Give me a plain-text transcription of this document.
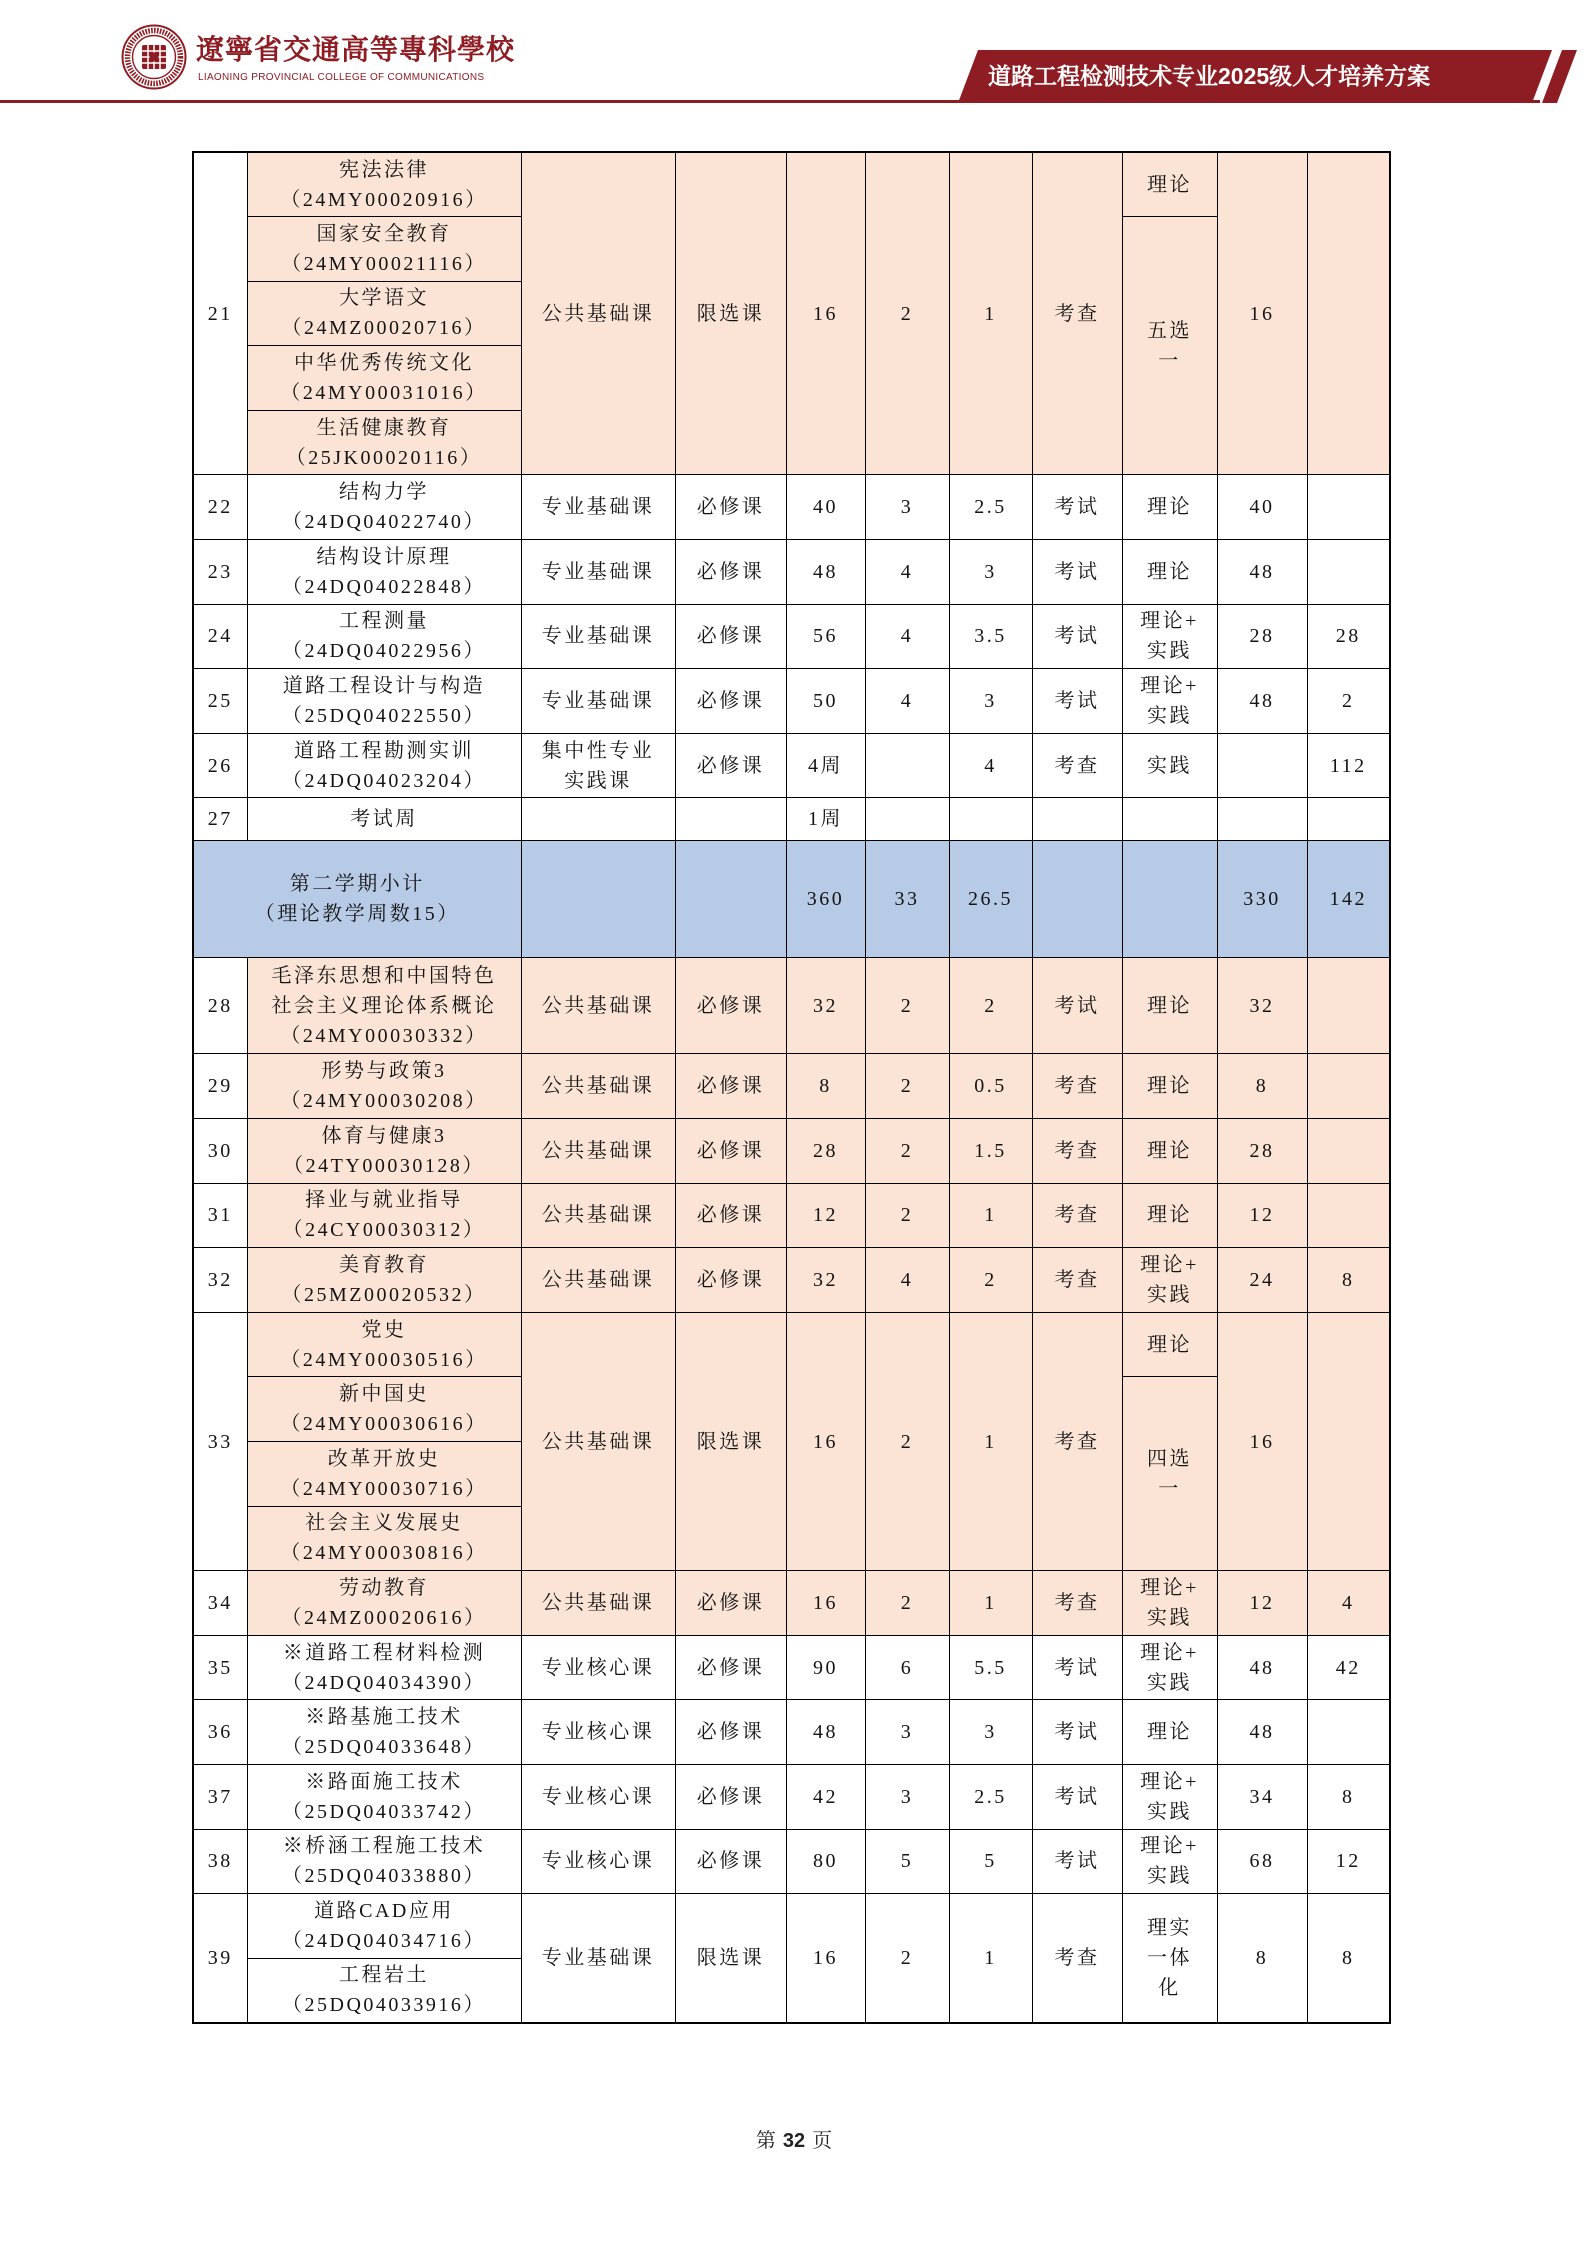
遼寧省交通高等專科學校
LIAONING PROVINCIAL COLLEGE OF COMMUNICATIONS	道路工程检测技术专业2025级人才培养方案
21	宪法法律
（24MY00020916）	公共基础课	限选课	16	2	1	考查	理论	16	

	国家安全教育
（24MY00021116）							五选
一		

	大学语文
（24MZ00020716）									

	中华优秀传统文化
（24MY00031016）									

	生活健康教育
（25JK00020116）									

22	结构力学
（24DQ04022740）	专业基础课	必修课	40	3	2.5	考试	理论	40	
23	结构设计原理
（24DQ04022848）	专业基础课	必修课	48	4	3	考试	理论	48	
24	工程测量
（24DQ04022956）	专业基础课	必修课	56	4	3.5	考试	理论+
实践	28	28
25	道路工程设计与构造
（25DQ04022550）	专业基础课	必修课	50	4	3	考试	理论+
实践	48	2
26	道路工程勘测实训
（24DQ04023204）	集中性专业
实践课	必修课	4周		4	考查	实践		112
27	考试周			1周						
第二学期小计
（理论教学周数15）				360	33	26.5			330	142
28	毛泽东思想和中国特色
社会主义理论体系概论
（24MY00030332）	公共基础课	必修课	32	2	2	考试	理论	32	
29	形势与政策3
（24MY00030208）	公共基础课	必修课	8	2	0.5	考查	理论	8	
30	体育与健康3
（24TY00030128）	公共基础课	必修课	28	2	1.5	考查	理论	28	
31	择业与就业指导
（24CY00030312）	公共基础课	必修课	12	2	1	考查	理论	12	
32	美育教育
（25MZ00020532）	公共基础课	必修课	32	4	2	考查	理论+
实践	24	8
33	党史
（24MY00030516）	公共基础课	限选课	16	2	1	考查	理论	16	

	新中国史
（24MY00030616）							四选
一		

	改革开放史
（24MY00030716）									

	社会主义发展史
（24MY00030816）									

34	劳动教育
（24MZ00020616）	公共基础课	必修课	16	2	1	考查	理论+
实践	12	4
35	※道路工程材料检测
（24DQ04034390）	专业核心课	必修课	90	6	5.5	考试	理论+
实践	48	42
36	※路基施工技术
（25DQ04033648）	专业核心课	必修课	48	3	3	考试	理论	48	
37	※路面施工技术
（25DQ04033742）	专业核心课	必修课	42	3	2.5	考试	理论+
实践	34	8
38	※桥涵工程施工技术
（25DQ04033880）	专业核心课	必修课	80	5	5	考试	理论+
实践	68	12
39	道路CAD应用
（24DQ04034716）	专业基础课	限选课	16	2	1	考查	理实
一体
化	8	8

	工程岩土
（25DQ04033916）									
第 32 页
